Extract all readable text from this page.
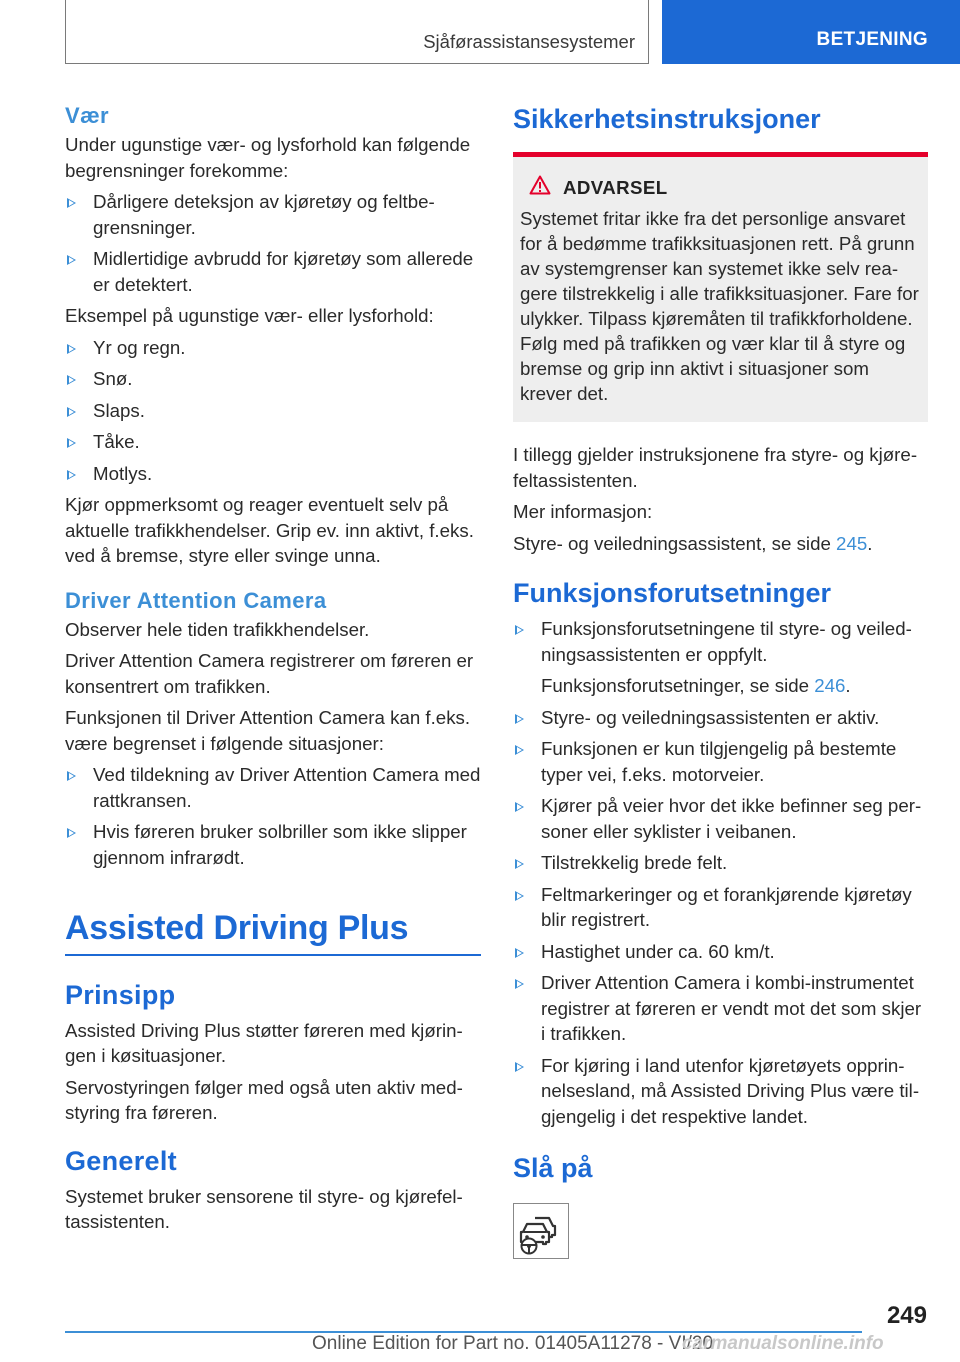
Sjåførassistansesystemer	BETJENING
Vær

Under ugunstige vær- og lysforhold kan følgende begrensninger forekomme:

Dårligere deteksjon av kjøretøy og feltbegrensninger.
Midlertidige avbrudd for kjøretøy som allerede er detektert.

Eksempel på ugunstige vær- eller lysforhold:

Yr og regn.
Snø.
Slaps.
Tåke.
Motlys.

Kjør oppmerksomt og reager eventuelt selv på aktuelle trafikkhendelser. Grip ev. inn aktivt, f.eks. ved å bremse, styre eller svinge unna.

Driver Attention Camera

Observer hele tiden trafikkhendelser.

Driver Attention Camera registrerer om føreren er konsentrert om trafikken.

Funksjonen til Driver Attention Camera kan f.eks. være begrenset i følgende situasjoner:

Ved tildekning av Driver Attention Camera med rattkransen.
Hvis føreren bruker solbriller som ikke slipper gjennom infrarødt.
Assisted Driving Plus
Prinsipp

Assisted Driving Plus støtter føreren med kjøringen i køsituasjoner.

Servostyringen følger med også uten aktiv medstyring fra føreren.

Generelt

Systemet bruker sensorene til styre- og kjørefeltassistenten.

Sikkerhetsinstruksjoner
ADVARSEL

Systemet fritar ikke fra det personlige ansvaret for å bedømme trafikksituasjonen rett. På grunn av systemgrenser kan systemet ikke selv reagere tilstrekkelig i alle trafikksituasjoner. Fare for ulykker. Tilpass kjøremåten til trafikkforholdene. Følg med på trafikken og vær klar til å styre og bremse og grip inn aktivt i situasjoner som krever det.

I tillegg gjelder instruksjonene fra styre- og kjørefeltassistenten.

Mer informasjon:

Styre- og veiledningsassistent, se side 245.

Funksjonsforutsetninger
Funksjonsforutsetningene til styre- og veiledningsassistenten er oppfylt.
Funksjonsforutsetninger, se side 246.
Styre- og veiledningsassistenten er aktiv.
Funksjonen er kun tilgjengelig på bestemte typer vei, f.eks. motorveier.
Kjører på veier hvor det ikke befinner seg personer eller syklister i veibanen.
Tilstrekkelig brede felt.
Feltmarkeringer og et forankjørende kjøretøy blir registrert.
Hastighet under ca. 60 km/t.
Driver Attention Camera i kombi-instrumentet registrer at føreren er vendt mot det som skjer i trafikken.
For kjøring i land utenfor kjøretøyets opprinnelsesland, må Assisted Driving Plus være tilgjengelig i det respektive landet.
Slå på
249
Online Edition for Part no. 01405A11278 - VI/20
carmanualsonline.info
